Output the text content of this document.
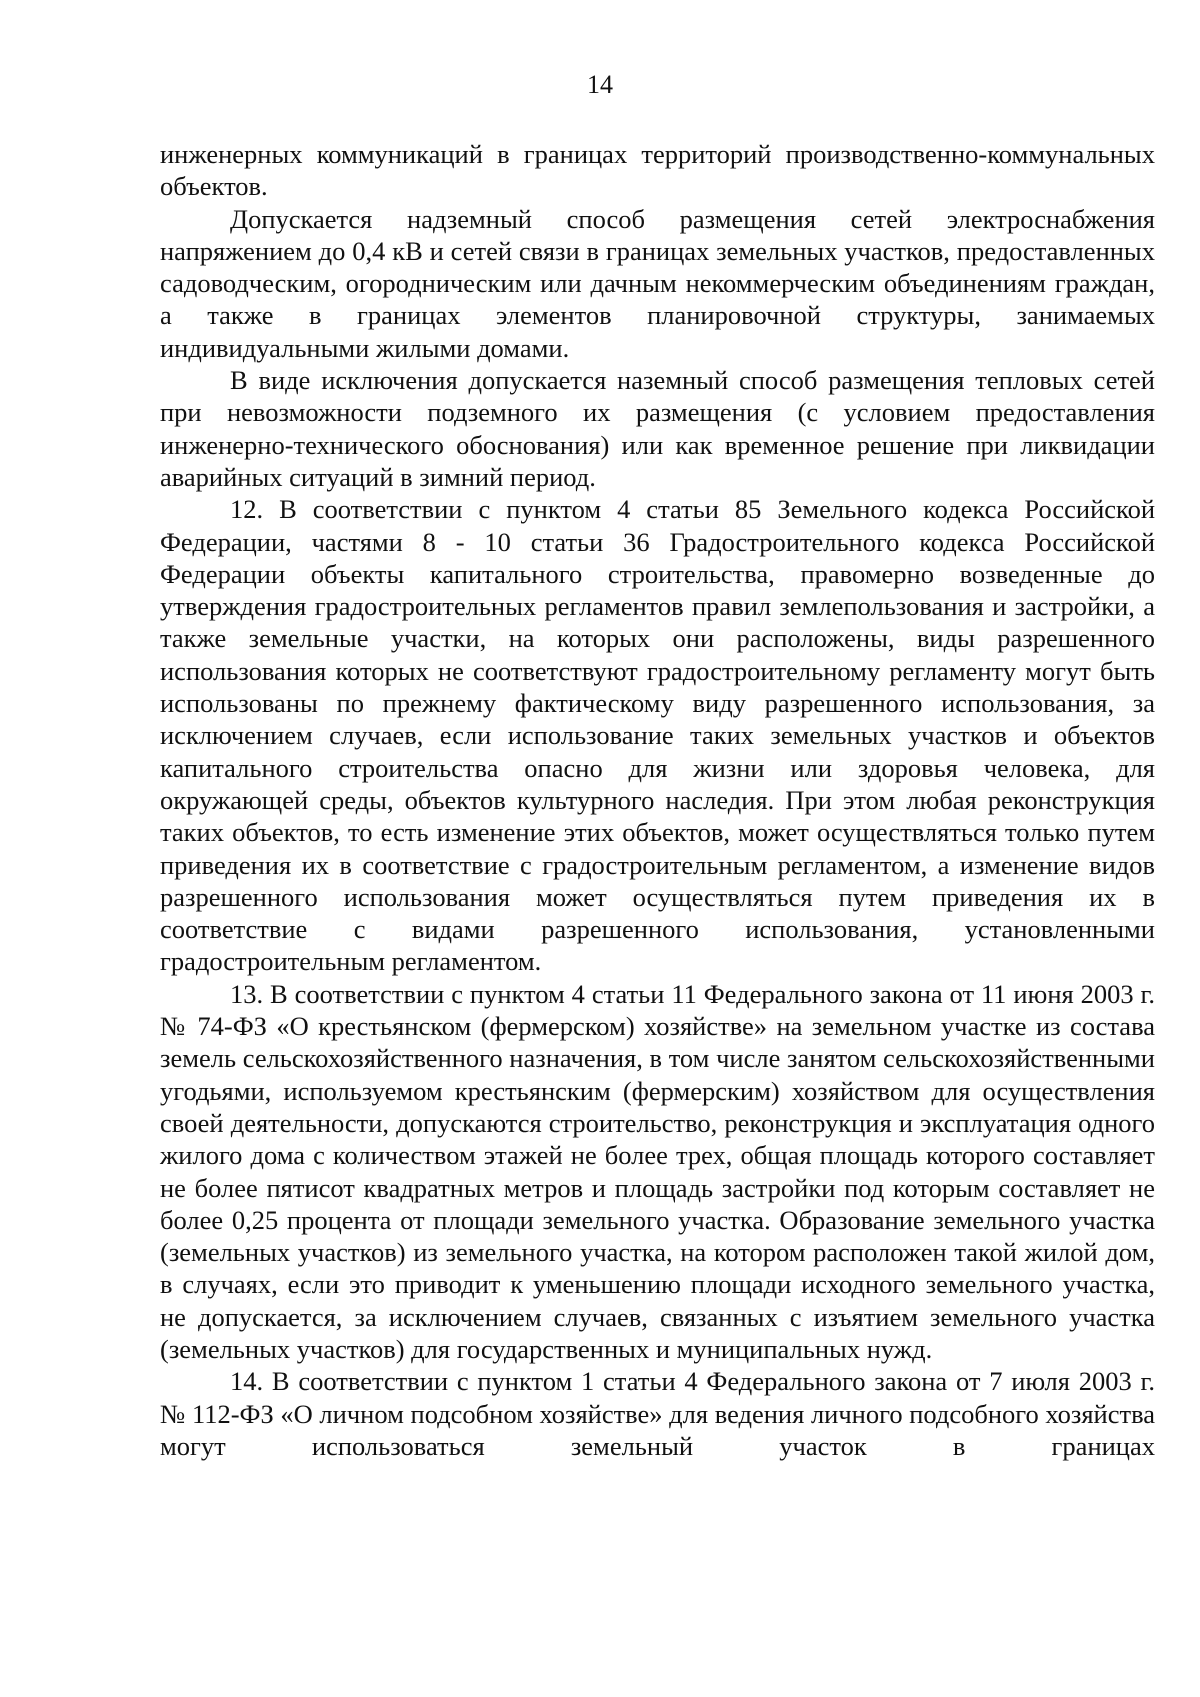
14

инженерных коммуникаций в границах территорий производственно-коммунальных объектов.

Допускается надземный способ размещения сетей электроснабжения напряжением до 0,4 кВ и сетей связи в границах земельных участков, предоставленных садоводческим, огородническим или дачным некоммерческим объединениям граждан, а также в границах элементов планировочной структуры, занимаемых индивидуальными жилыми домами.

В виде исключения допускается наземный способ размещения тепловых сетей при невозможности подземного их размещения (с условием предоставления инженерно-технического обоснования) или как временное решение при ликвидации аварийных ситуаций в зимний период.

12. В соответствии с пунктом 4 статьи 85 Земельного кодекса Российской Федерации, частями 8 - 10 статьи 36 Градостроительного кодекса Российской Федерации объекты капитального строительства, правомерно возведенные до утверждения градостроительных регламентов правил землепользования и застройки, а также земельные участки, на которых они расположены, виды разрешенного использования которых не соответствуют градостроительному регламенту могут быть использованы по прежнему фактическому виду разрешенного использования, за исключением случаев, если использование таких земельных участков и объектов капитального строительства опасно для жизни или здоровья человека, для окружающей среды, объектов культурного наследия. При этом любая реконструкция таких объектов, то есть изменение этих объектов, может осуществляться только путем приведения их в соответствие с градостроительным регламентом, а изменение видов разрешенного использования может осуществляться путем приведения их в соответствие с видами разрешенного использования, установленными градостроительным регламентом.

13. В соответствии с пунктом 4 статьи 11 Федерального закона от 11 июня 2003 г. № 74-ФЗ «О крестьянском (фермерском) хозяйстве» на земельном участке из состава земель сельскохозяйственного назначения, в том числе занятом сельскохозяйственными угодьями, используемом крестьянским (фермерским) хозяйством для осуществления своей деятельности, допускаются строительство, реконструкция и эксплуатация одного жилого дома с количеством этажей не более трех, общая площадь которого составляет не более пятисот квадратных метров и площадь застройки под которым составляет не более 0,25 процента от площади земельного участка. Образование земельного участка (земельных участков) из земельного участка, на котором расположен такой жилой дом, в случаях, если это приводит к уменьшению площади исходного земельного участка, не допускается, за исключением случаев, связанных с изъятием земельного участка (земельных участков) для государственных и муниципальных нужд.

14. В соответствии с пунктом 1 статьи 4 Федерального закона от 7 июля 2003 г. № 112-ФЗ «О личном подсобном хозяйстве» для ведения личного подсобного хозяйства могут использоваться земельный участок в границах
